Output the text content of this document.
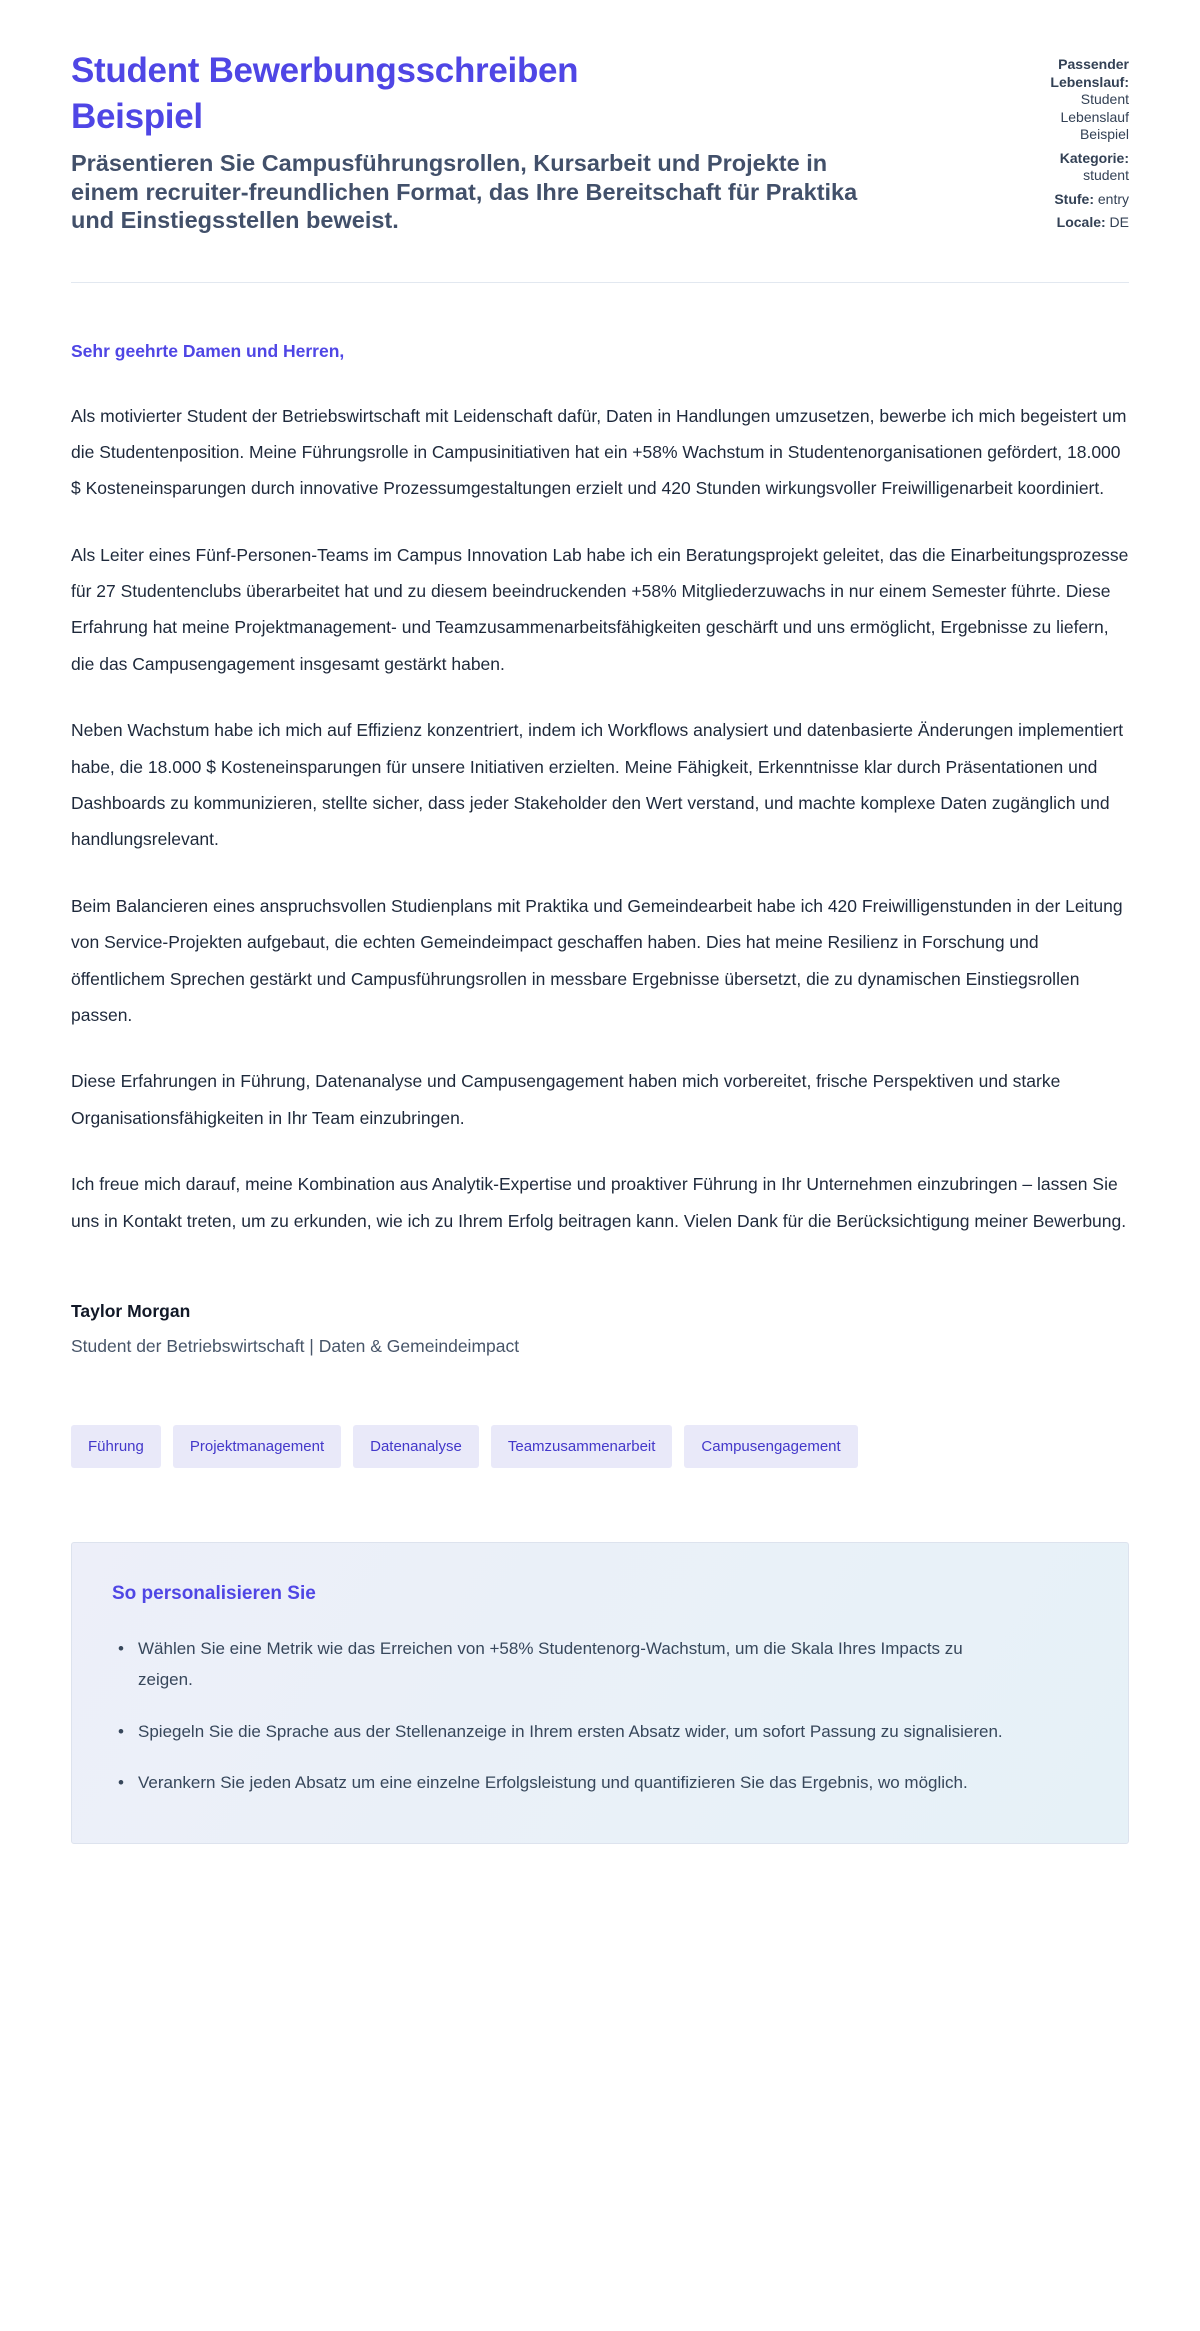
Student Bewerbungsschreiben Beispiel
Präsentieren Sie Campusführungsrollen, Kursarbeit und Projekte in einem recruiter-freundlichen Format, das Ihre Bereitschaft für Praktika und Einstiegsstellen beweist.
Passender Lebenslauf: Student Lebenslauf Beispiel
Kategorie: student
Stufe: entry
Locale: DE

Sehr geehrte Damen und Herren,

Als motivierter Student der Betriebswirtschaft mit Leidenschaft dafür, Daten in Handlungen umzusetzen, bewerbe ich mich begeistert um die Studentenposition. Meine Führungsrolle in Campusinitiativen hat ein +58% Wachstum in Studentenorganisationen gefördert, 18.000 $ Kosteneinsparungen durch innovative Prozessumgestaltungen erzielt und 420 Stunden wirkungsvoller Freiwilligenarbeit koordiniert.

Als Leiter eines Fünf-Personen-Teams im Campus Innovation Lab habe ich ein Beratungsprojekt geleitet, das die Einarbeitungsprozesse für 27 Studentenclubs überarbeitet hat und zu diesem beeindruckenden +58% Mitgliederzuwachs in nur einem Semester führte. Diese Erfahrung hat meine Projektmanagement- und Teamzusammenarbeitsfähigkeiten geschärft und uns ermöglicht, Ergebnisse zu liefern, die das Campusengagement insgesamt gestärkt haben.

Neben Wachstum habe ich mich auf Effizienz konzentriert, indem ich Workflows analysiert und datenbasierte Änderungen implementiert habe, die 18.000 $ Kosteneinsparungen für unsere Initiativen erzielten. Meine Fähigkeit, Erkenntnisse klar durch Präsentationen und Dashboards zu kommunizieren, stellte sicher, dass jeder Stakeholder den Wert verstand, und machte komplexe Daten zugänglich und handlungsrelevant.

Beim Balancieren eines anspruchsvollen Studienplans mit Praktika und Gemeindearbeit habe ich 420 Freiwilligenstunden in der Leitung von Service-Projekten aufgebaut, die echten Gemeindeimpact geschaffen haben. Dies hat meine Resilienz in Forschung und öffentlichem Sprechen gestärkt und Campusführungsrollen in messbare Ergebnisse übersetzt, die zu dynamischen Einstiegsrollen passen.

Diese Erfahrungen in Führung, Datenanalyse und Campusengagement haben mich vorbereitet, frische Perspektiven und starke Organisationsfähigkeiten in Ihr Team einzubringen.

Ich freue mich darauf, meine Kombination aus Analytik-Expertise und proaktiver Führung in Ihr Unternehmen einzubringen – lassen Sie uns in Kontakt treten, um zu erkunden, wie ich zu Ihrem Erfolg beitragen kann. Vielen Dank für die Berücksichtigung meiner Bewerbung.

Taylor Morgan
Student der Betriebswirtschaft | Daten & Gemeindeimpact
Führung	Projektmanagement	Datenanalyse	Teamzusammenarbeit	Campusengagement
So personalisieren Sie
• Wählen Sie eine Metrik wie das Erreichen von +58% Studentenorg-Wachstum, um die Skala Ihres Impacts zu zeigen.
• Spiegeln Sie die Sprache aus der Stellenanzeige in Ihrem ersten Absatz wider, um sofort Passung zu signalisieren.
• Verankern Sie jeden Absatz um eine einzelne Erfolgsleistung und quantifizieren Sie das Ergebnis, wo möglich.
